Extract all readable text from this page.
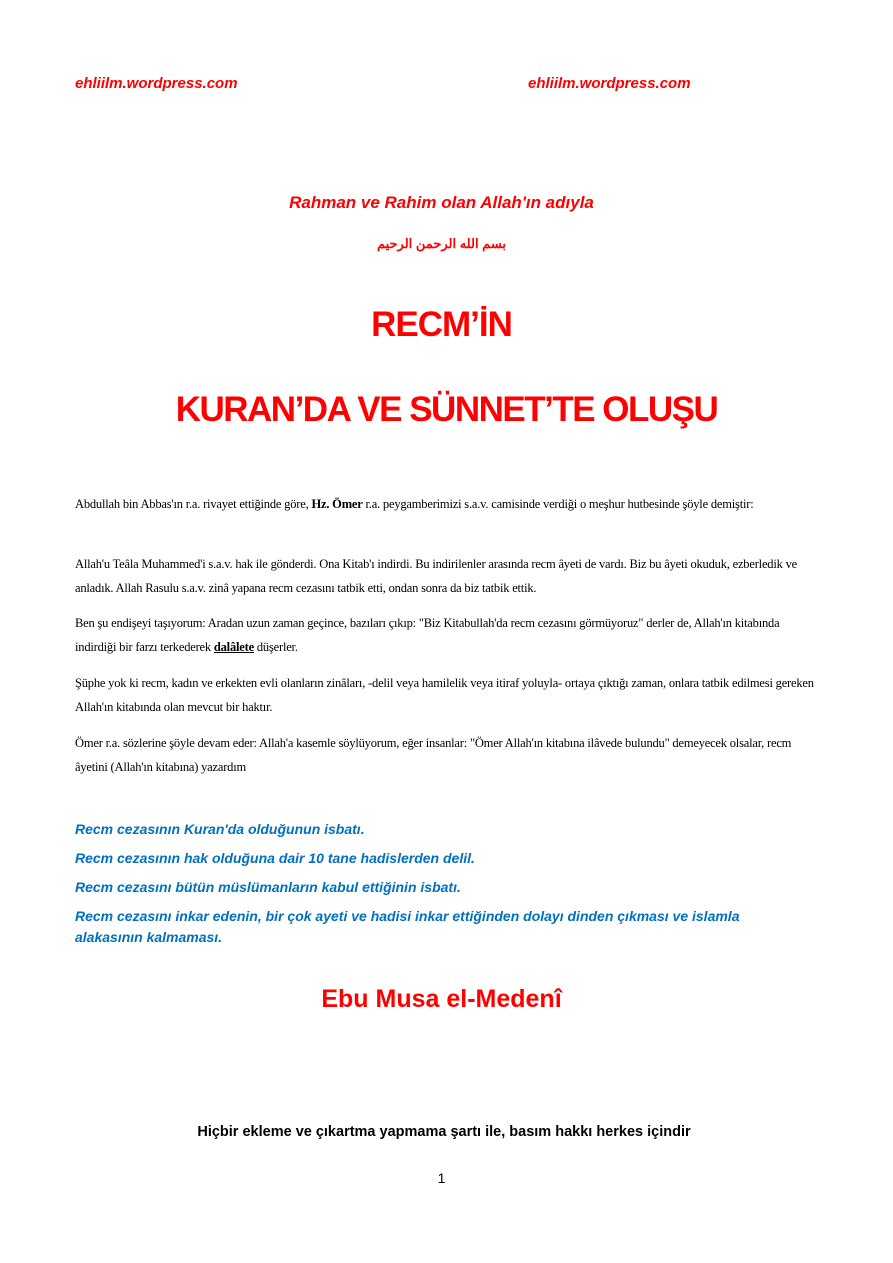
ehliilm.wordpress.com	ehliilm.wordpress.com
Rahman ve Rahim olan Allah'ın adıyla
بسم الله الرحمن الرحيم
RECM’İN
KURAN’DA VE SÜNNET’TE OLUŞU

Abdullah bin Abbas'ın r.a. rivayet ettiğinde göre, Hz. Ömer r.a. peygamberimizi s.a.v. camisinde verdiği o meşhur hutbesinde şöyle demiştir:

Allah'u Teâla Muhammed'i s.a.v. hak ile gönderdi. Ona Kitab'ı indirdi. Bu indirilenler arasında recm âyeti de vardı. Biz bu âyeti okuduk, ezberledik ve anladık. Allah Rasulu s.a.v. zinâ yapana recm cezasını tatbik etti, ondan sonra da biz tatbik ettik.

Ben şu endişeyi taşıyorum: Aradan uzun zaman geçince, bazıları çıkıp: "Biz Kitabullah'da recm cezasını görmüyoruz" derler de, Allah'ın kitabında indirdiği bir farzı terkederek dalâlete düşerler.

Şüphe yok ki recm, kadın ve erkekten evli olanların zinâları, -delil veya hamilelik veya itiraf yoluyla- ortaya çıktığı zaman, onlara tatbik edilmesi gereken Allah'ın kitabında olan mevcut bir haktır.

Ömer r.a. sözlerine şöyle devam eder: Allah'a kasemle söylüyorum, eğer insanlar: "Ömer Allah'ın kitabına ilâvede bulundu" demeyecek olsalar, recm âyetini (Allah'ın kitabına) yazardım

Recm cezasının Kuran'da olduğunun isbatı.
Recm cezasının hak olduğuna dair 10 tane hadislerden delil.
Recm cezasını bütün müslümanların kabul ettiğinin isbatı.
Recm cezasını inkar edenin, bir çok ayeti ve hadisi inkar ettiğinden dolayı dinden çıkması ve islamla alakasının kalmaması.
Ebu Musa el-Medenî
Hiçbir ekleme ve çıkartma yapmama şartı ile, basım hakkı herkes içindir
1
